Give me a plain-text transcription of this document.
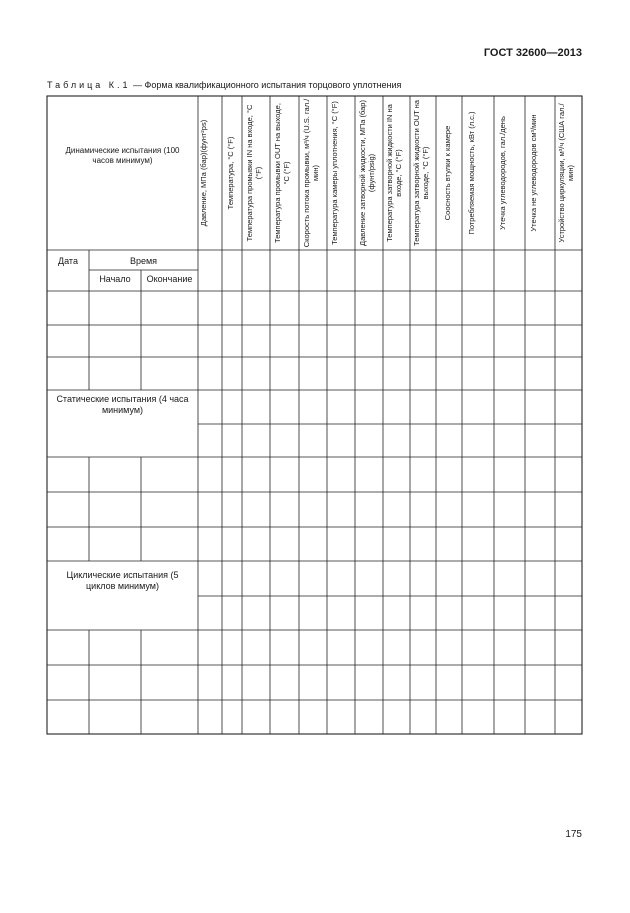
ГОСТ 32600—2013
Таблица К.1 — Форма квалификационного испытания торцового уплотнения
Динамические испытания (100 часов минимум)
Дата	Время
Начало	Окончание
Статические испытания (4 часа минимум)
Циклические испытания (5 циклов минимум)
Давление, МПа (бар)(фунт²ps)	Температура, °C (°F)	Температура промывки IN на входе, °C (°F)	Температура промывки OUT на выходе, °C (°F)	Скорость потока промывки, м³/ч (U.S. гал./мин)	Температура камеры уплотнения, °C (°F)	Давление затворной жидкости, МПа (бар) (фунт/psig)	Температура затворной жидкости IN на входе, °C (°F)	Температура затворной жидкости OUT на выходе, °C (°F)	Соосность втулки к камере	Потребляемая мощность, кВт (л.с.)	Утечка углеводородов, гал./день	Утечка не углеводородов см³/мин	Устройство циркуляции, м³/ч (США гал./мин)
175
